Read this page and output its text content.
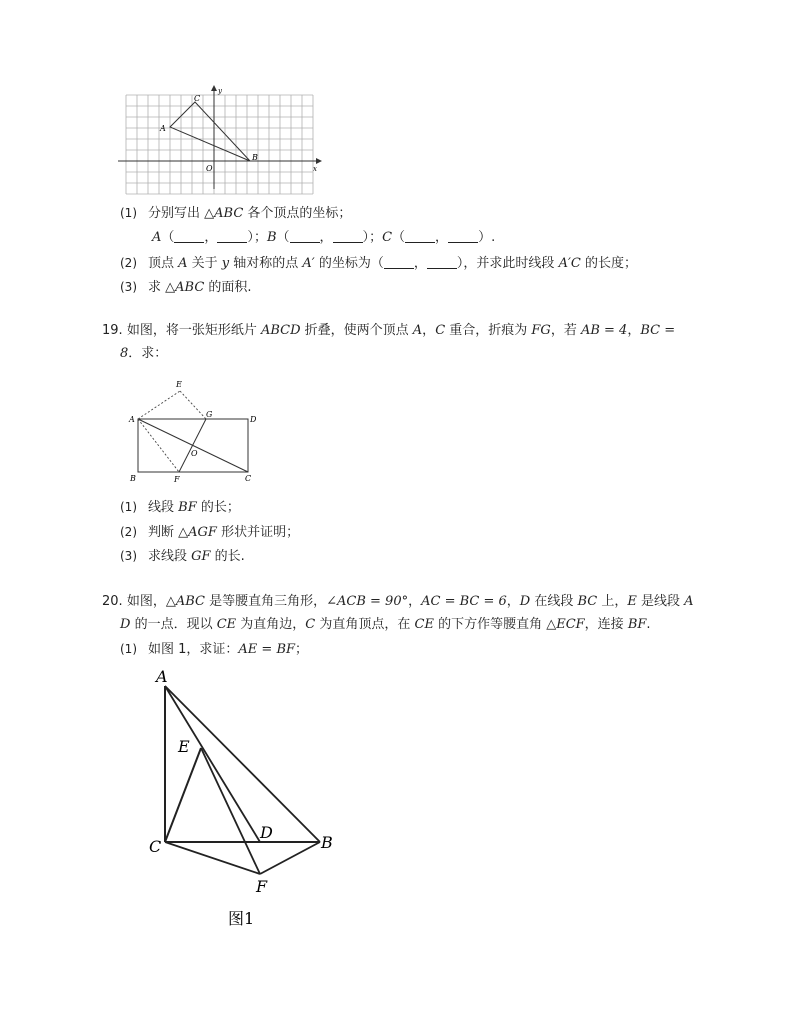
y
x
O
A
B
C
(1) 分别写出 △ABC 各个顶点的坐标；
A（ ， ）；B（ ， ）；C（ ， ）.
(2) 顶点 A 关于 y 轴对称的点 A′ 的坐标为（ ， ），并求此时线段 A′C 的长度；
(3) 求 △ABC 的面积.
19. 如图，将一张矩形纸片 ABCD 折叠，使两个顶点 A，C 重合，折痕为 FG，若 AB = 4，BC =
8．求：
E
A
G
D
O
B	F	C
(1) 线段 BF 的长；
(2) 判断 △AGF 形状并证明；
(3) 求线段 GF 的长.
20. 如图，△ABC 是等腰直角三角形，∠ACB = 90°，AC = BC = 6，D 在线段 BC 上，E 是线段 A
D 的一点．现以 CE 为直角边，C 为直角顶点，在 CE 的下方作等腰直角 △ECF，连接 BF.
(1) 如图 1，求证：AE = BF；
A
E
D
C	B
F
图1
